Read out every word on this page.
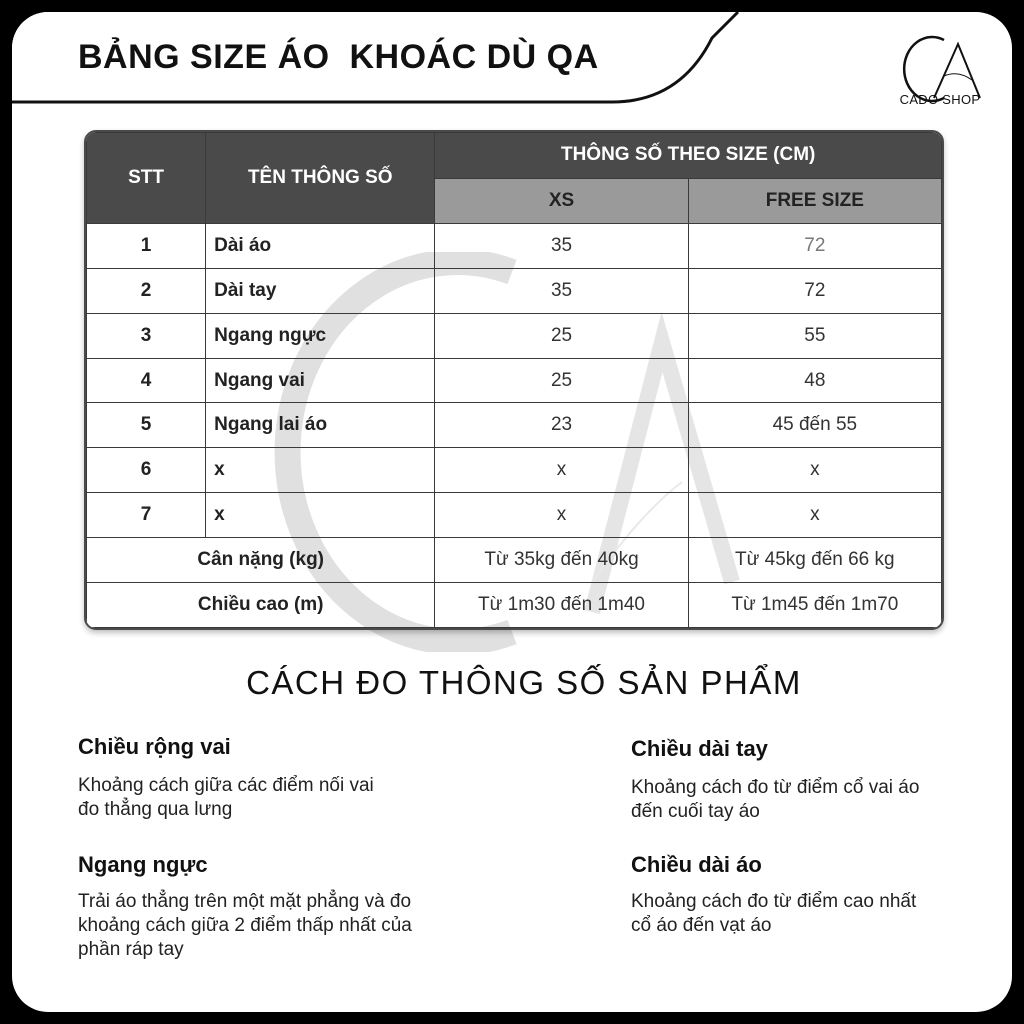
BẢNG SIZE ÁO  KHOÁC DÙ QA
CADO SHOP
STT	TÊN THÔNG SỐ	THÔNG SỐ THEO SIZE (CM)	
		XS	FREE SIZE
1	Dài áo	35	72
2	Dài tay	35	72
3	Ngang ngực	25	55
4	Ngang vai	25	48
5	Ngang lai áo	23	45 đến 55
6	x	x	x
7	x	x	x
Cân nặng (kg)		Từ 35kg đến 40kg	Từ 45kg đến 66 kg
Chiều cao (m)		Từ 1m30 đến 1m40	Từ 1m45 đến 1m70
CÁCH ĐO THÔNG SỐ SẢN PHẨM
Chiều rộng vai
Khoảng cách giữa các điểm nối vai
đo thẳng qua lưng
Chiều dài tay
Khoảng cách đo từ điểm cổ vai áo
đến cuối tay áo
Ngang ngực
Trải áo thẳng trên một mặt phẳng và đo
khoảng cách giữa 2 điểm thấp nhất của
phần ráp tay
Chiều dài áo
Khoảng cách đo từ điểm cao nhất
cổ áo đến vạt áo
